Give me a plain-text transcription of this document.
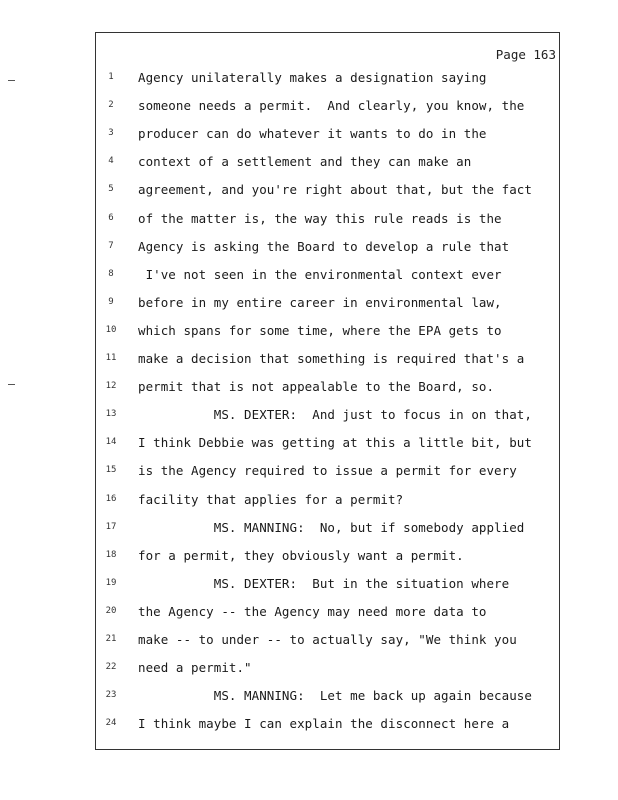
Page 163
1	Agency unilaterally makes a designation saying
2	someone needs a permit.  And clearly, you know, the
3	producer can do whatever it wants to do in the
4	context of a settlement and they can make an
5	agreement, and you're right about that, but the fact
6	of the matter is, the way this rule reads is the
7	Agency is asking the Board to develop a rule that
8	I've not seen in the environmental context ever
9	before in my entire career in environmental law,
10	which spans for some time, where the EPA gets to
11	make a decision that something is required that's a
12	permit that is not appealable to the Board, so.
13	MS. DEXTER:  And just to focus in on that,
14	I think Debbie was getting at this a little bit, but
15	is the Agency required to issue a permit for every
16	facility that applies for a permit?
17	MS. MANNING:  No, but if somebody applied
18	for a permit, they obviously want a permit.
19	MS. DEXTER:  But in the situation where
20	the Agency -- the Agency may need more data to
21	make -- to under -- to actually say, "We think you
22	need a permit."
23	MS. MANNING:  Let me back up again because
24	I think maybe I can explain the disconnect here a
